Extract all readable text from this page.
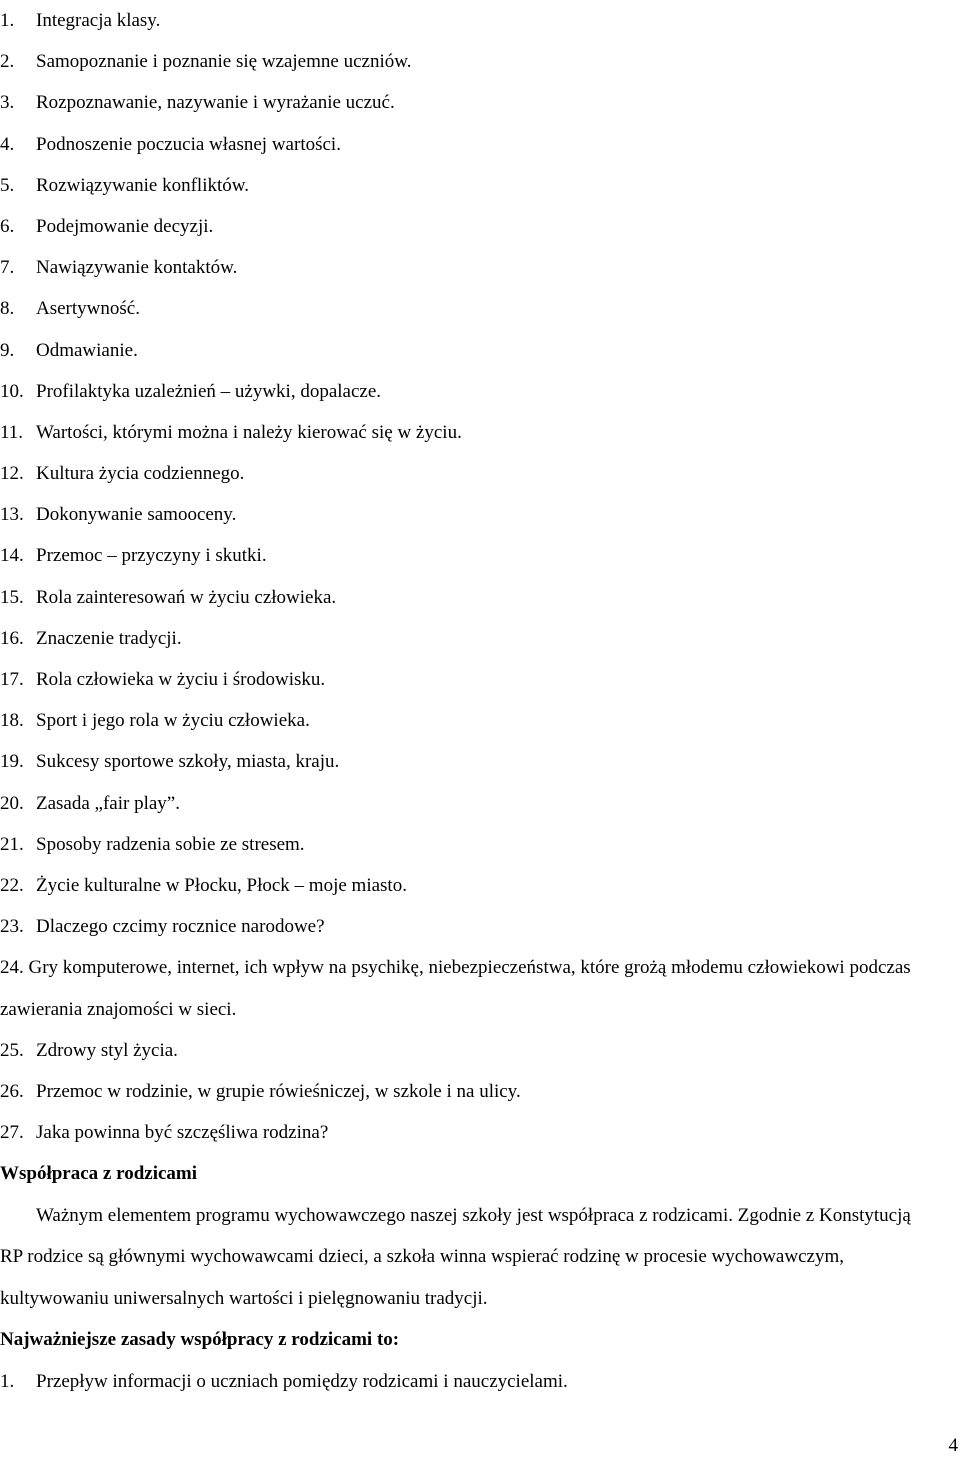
1.	Integracja klasy.
2.	Samopoznanie i poznanie się wzajemne uczniów.
3.	Rozpoznawanie, nazywanie i wyrażanie uczuć.
4.	Podnoszenie poczucia własnej wartości.
5.	Rozwiązywanie konfliktów.
6.	Podejmowanie decyzji.
7.	Nawiązywanie kontaktów.
8.	Asertywność.
9.	Odmawianie.
10. Profilaktyka uzależnień – używki, dopalacze.
11. Wartości, którymi można i należy kierować się w życiu.
12. Kultura życia codziennego.
13. Dokonywanie samooceny.
14. Przemoc – przyczyny i skutki.
15. Rola zainteresowań w życiu człowieka.
16. Znaczenie tradycji.
17. Rola człowieka w życiu i środowisku.
18. Sport i jego rola w życiu człowieka.
19. Sukcesy sportowe szkoły, miasta, kraju.
20. Zasada „fair play”.
21. Sposoby radzenia sobie ze stresem.
22. Życie kulturalne w Płocku, Płock – moje miasto.
23. Dlaczego czcimy rocznice narodowe?
24. Gry komputerowe, internet, ich wpływ na psychikę, niebezpieczeństwa, które grożą młodemu człowiekowi podczas zawierania znajomości w sieci.
25. Zdrowy styl życia.
26. Przemoc w rodzinie, w grupie rówieśniczej, w szkole i na ulicy.
27. Jaka powinna być szczęśliwa rodzina?
Współpraca z rodzicami
Ważnym elementem programu wychowawczego naszej szkoły jest współpraca z rodzicami. Zgodnie z Konstytucją RP rodzice są głównymi wychowawcami dzieci, a szkoła winna wspierać rodzinę w procesie wychowawczym, kultywowaniu uniwersalnych wartości i pielęgnowaniu tradycji.
Najważniejsze zasady współpracy z rodzicami to:
1.	Przepływ informacji o uczniach pomiędzy rodzicami i nauczycielami.
4
